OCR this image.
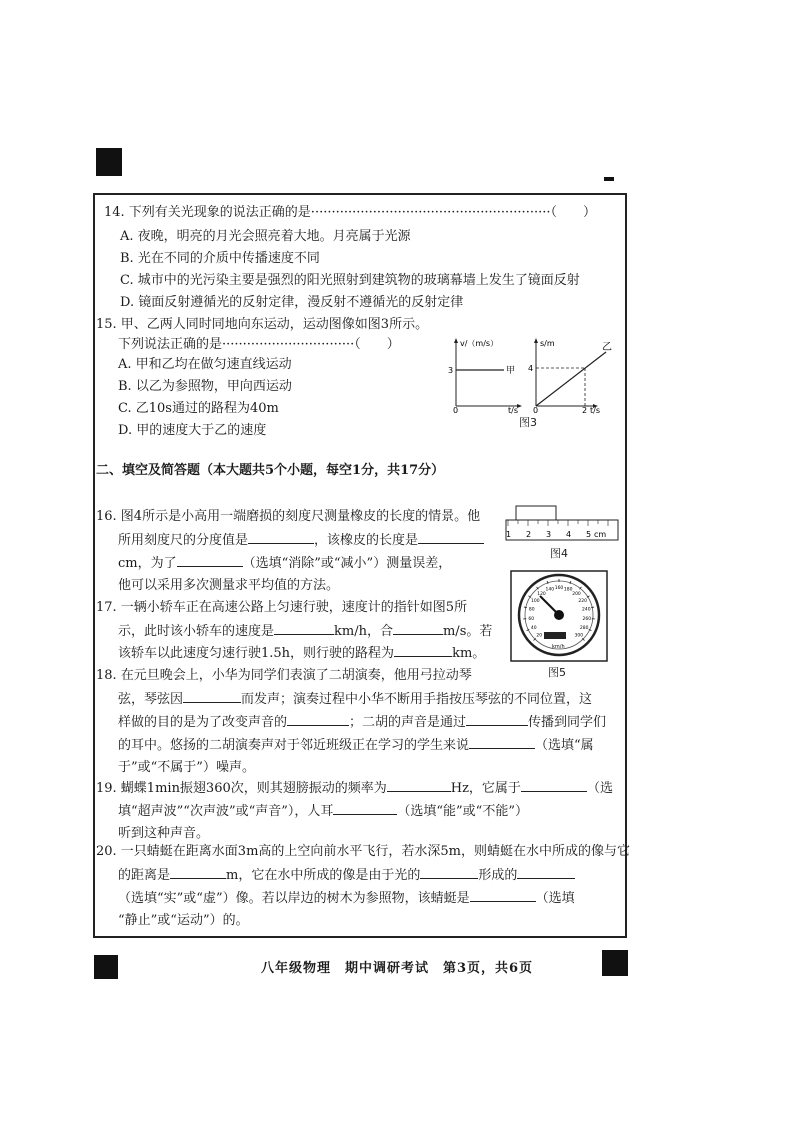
14. 下列有关光现象的说法正确的是··························································（　　）
A. 夜晚，明亮的月光会照亮着大地。月亮属于光源
B. 光在不同的介质中传播速度不同
C. 城市中的光污染主要是强烈的阳光照射到建筑物的玻璃幕墙上发生了镜面反射
D. 镜面反射遵循光的反射定律，漫反射不遵循光的反射定律
15. 甲、乙两人同时同地向东运动，运动图像如图3所示。
下列说法正确的是································（　　）
A. 甲和乙均在做匀速直线运动
B. 以乙为参照物，甲向西运动
C. 乙10s通过的路程为40m
D. 甲的速度大于乙的速度
v/（m/s）
3	甲
0	t/s
s/m
4
0	2 t/s
乙
图3
二、填空及简答题（本大题共5个小题，每空1分，共17分）
16. 图4所示是小高用一端磨损的刻度尺测量橡皮的长度的情景。他
所用刻度尺的分度值是	，该橡皮的长度是
cm，为了	（选填“消除”或“减小”）测量误差，
他可以采用多次测量求平均值的方法。
1 2 3 4 5 cm
图4
17. 一辆小轿车正在高速公路上匀速行驶，速度计的指针如图5所
示，此时该小轿车的速度是	km/h，合	m/s。若
该轿车以此速度匀速行驶1.5h，则行驶的路程为	km。
20
40
60
80
100
120
140 160 180
200
220
240
260
280
300
km/h
图5
18. 在元旦晚会上，小华为同学们表演了二胡演奏，他用弓拉动琴
弦，琴弦因	而发声；演奏过程中小华不断用手指按压琴弦的不同位置，这
样做的目的是为了改变声音的	；二胡的声音是通过	传播到同学们
的耳中。悠扬的二胡演奏声对于邻近班级正在学习的学生来说	（选填“属
于”或“不属于”）噪声。
19. 蝴蝶1min振翅360次，则其翅膀振动的频率为	Hz，它属于	（选
填“超声波”“次声波”或“声音”），人耳	（选填“能”或“不能”）
听到这种声音。
20. 一只蜻蜓在距离水面3m高的上空向前水平飞行，若水深5m，则蜻蜓在水中所成的像与它
的距离是	m，它在水中所成的像是由于光的	形成的
（选填“实”或“虚”）像。若以岸边的树木为参照物，该蜻蜓是	（选填
“静止”或“运动”）的。
八年级物理　期中调研考试　第3页，共6页
